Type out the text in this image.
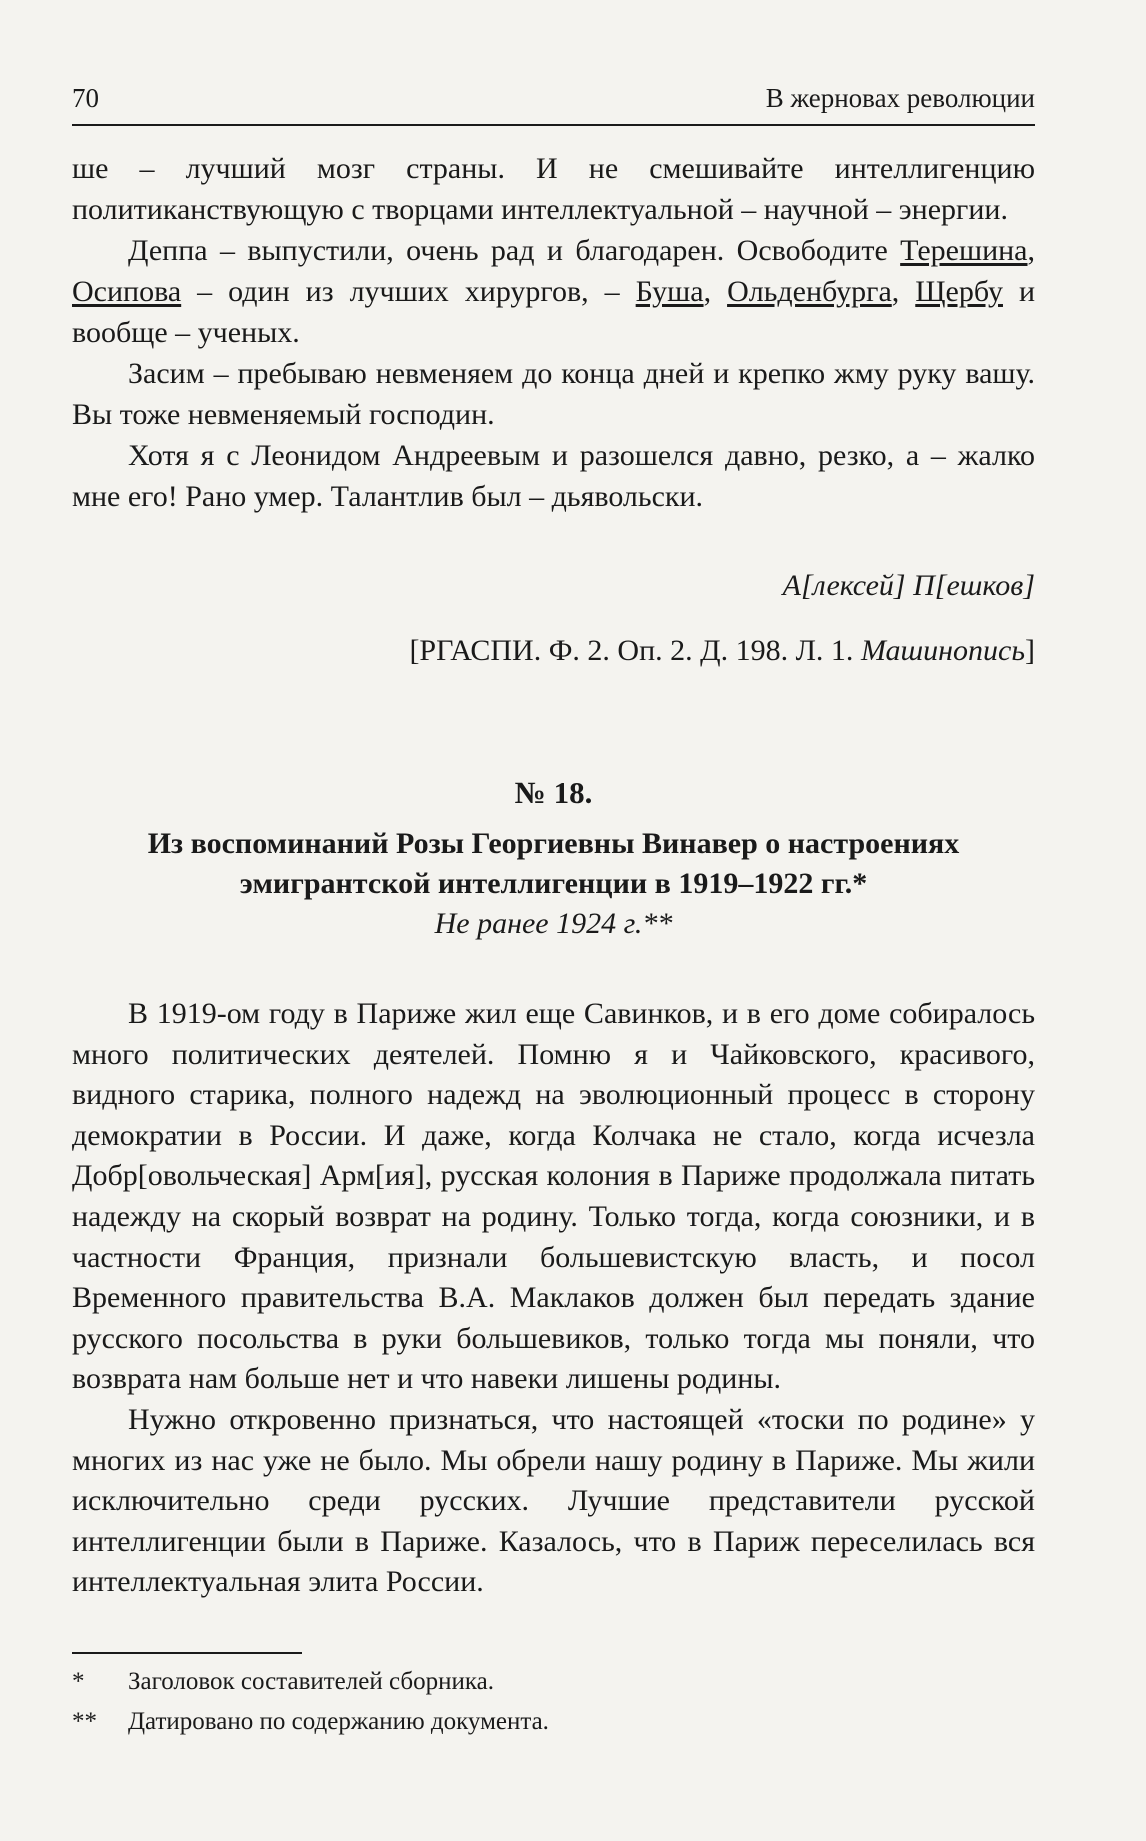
70	В жерновах революции

ше – лучший мозг страны. И не смешивайте интеллигенцию политиканствующую с творцами интеллектуальной – научной – энергии.

Деппа – выпустили, очень рад и благодарен. Освободите Терешина, Осипова – один из лучших хирургов, – Буша, Ольденбурга, Щербу и вообще – ученых.

Засим – пребываю невменяем до конца дней и крепко жму руку вашу. Вы тоже невменяемый господин.

Хотя я с Леонидом Андреевым и разошелся давно, резко, а – жалко мне его! Рано умер. Талантлив был – дьявольски.

А[лексей] П[ешков]
[РГАСПИ. Ф. 2. Оп. 2. Д. 198. Л. 1. Машинопись]
№ 18.
Из воспоминаний Розы Георгиевны Винавер о настроениях эмигрантской интеллигенции в 1919–1922 гг.*
Не ранее 1924 г.**

В 1919-ом году в Париже жил еще Савинков, и в его доме собиралось много политических деятелей. Помню я и Чайковского, красивого, видного старика, полного надежд на эволюционный процесс в сторону демократии в России. И даже, когда Колчака не стало, когда исчезла Добр[овольческая] Арм[ия], русская колония в Париже продолжала питать надежду на скорый возврат на родину. Только тогда, когда союзники, и в частности Франция, признали большевистскую власть, и посол Временного правительства В.А. Маклаков должен был передать здание русского посольства в руки большевиков, только тогда мы поняли, что возврата нам больше нет и что навеки лишены родины.

Нужно откровенно признаться, что настоящей «тоски по родине» у многих из нас уже не было. Мы обрели нашу родину в Париже. Мы жили исключительно среди русских. Лучшие представители русской интеллигенции были в Париже. Казалось, что в Париж переселилась вся интеллектуальная элита России.

*	Заголовок составителей сборника.
**	Датировано по содержанию документа.
